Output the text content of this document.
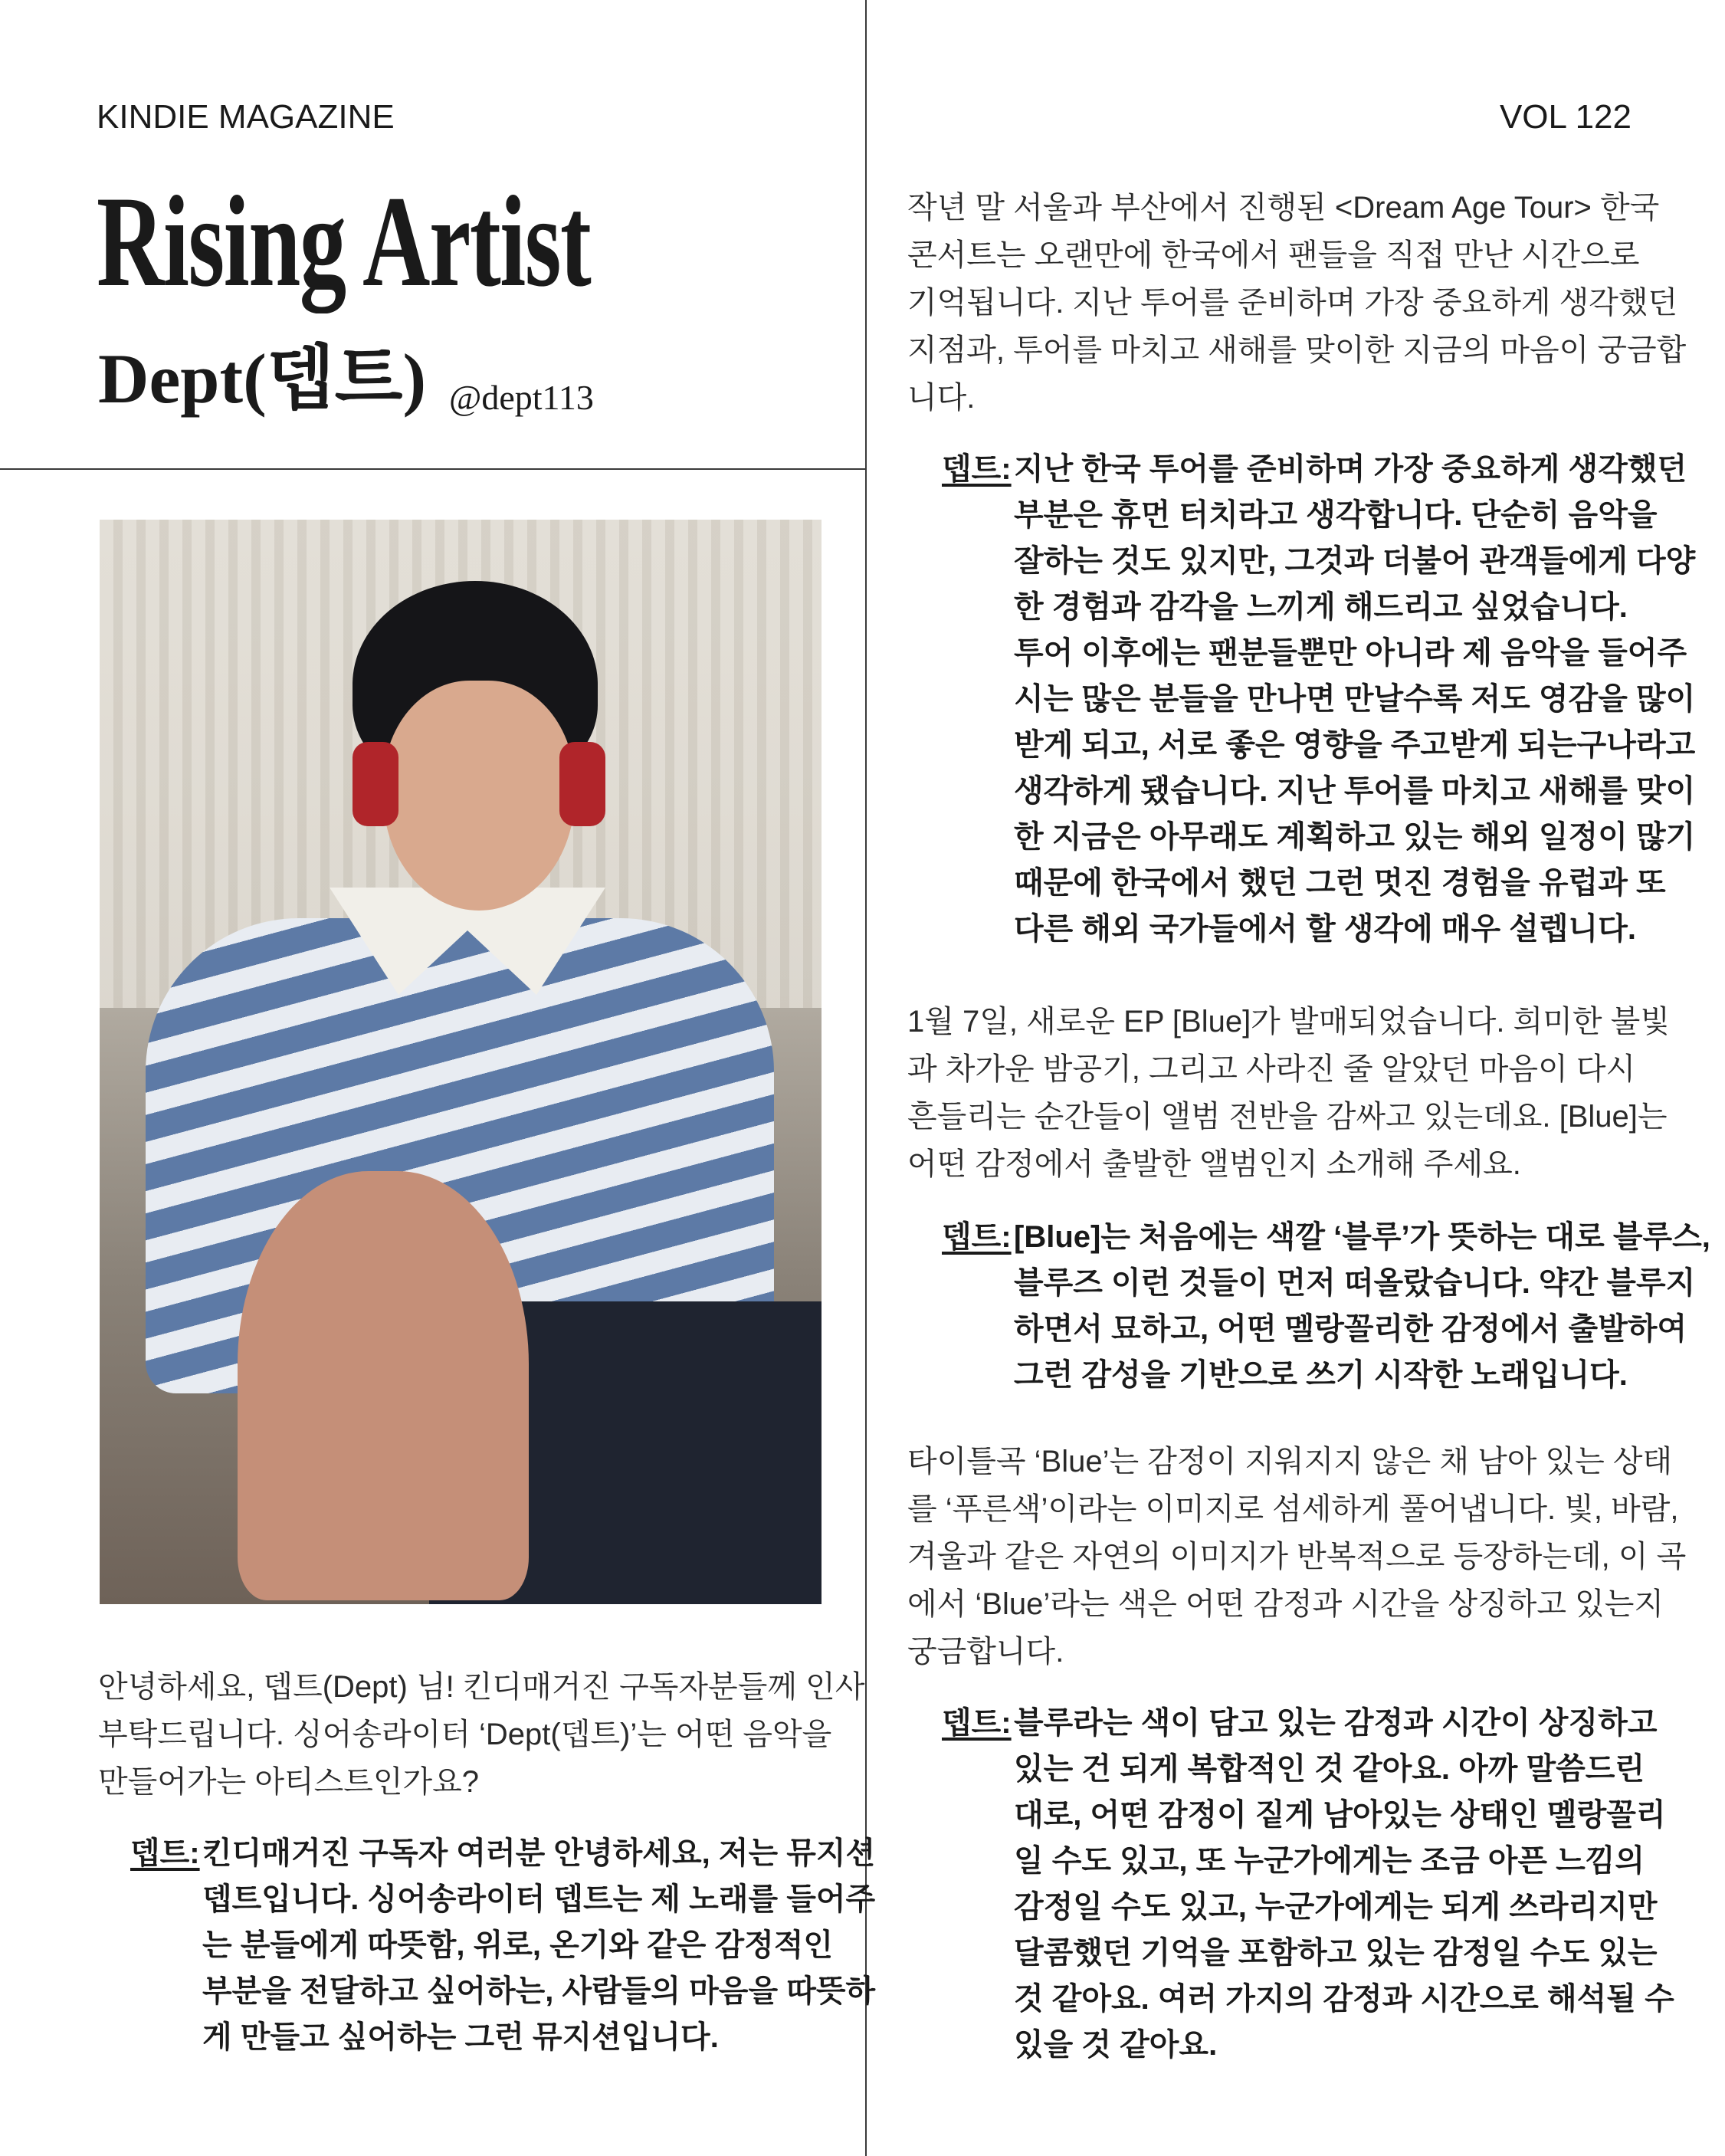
KINDIE MAGAZINE	VOL 122
Rising Artist
Dept(뎁트) @dept113
안녕하세요, 뎁트(Dept) 님! 킨디매거진 구독자분들께 인사
부탁드립니다. 싱어송라이터 ‘Dept(뎁트)’는 어떤 음악을
만들어가는 아티스트인가요?
뎁트: 킨디매거진 구독자 여러분 안녕하세요, 저는 뮤지션
뎁트입니다. 싱어송라이터 뎁트는 제 노래를 들어주
는 분들에게 따뜻함, 위로, 온기와 같은 감정적인
부분을 전달하고 싶어하는, 사람들의 마음을 따뜻하
게 만들고 싶어하는 그런 뮤지션입니다.
작년 말 서울과 부산에서 진행된 <Dream Age Tour> 한국
콘서트는 오랜만에 한국에서 팬들을 직접 만난 시간으로
기억됩니다. 지난 투어를 준비하며 가장 중요하게 생각했던
지점과, 투어를 마치고 새해를 맞이한 지금의 마음이 궁금합
니다.
뎁트: 지난 한국 투어를 준비하며 가장 중요하게 생각했던
부분은 휴먼 터치라고 생각합니다. 단순히 음악을
잘하는 것도 있지만, 그것과 더불어 관객들에게 다양
한 경험과 감각을 느끼게 해드리고 싶었습니다.
투어 이후에는 팬분들뿐만 아니라 제 음악을 들어주
시는 많은 분들을 만나면 만날수록 저도 영감을 많이
받게 되고, 서로 좋은 영향을 주고받게 되는구나라고
생각하게 됐습니다. 지난 투어를 마치고 새해를 맞이
한 지금은 아무래도 계획하고 있는 해외 일정이 많기
때문에 한국에서 했던 그런 멋진 경험을 유럽과 또
다른 해외 국가들에서 할 생각에 매우 설렙니다.
1월 7일, 새로운 EP [Blue]가 발매되었습니다. 희미한 불빛
과 차가운 밤공기, 그리고 사라진 줄 알았던 마음이 다시
흔들리는 순간들이 앨범 전반을 감싸고 있는데요. [Blue]는
어떤 감정에서 출발한 앨범인지 소개해 주세요.
뎁트: [Blue]는 처음에는 색깔 ‘블루’가 뜻하는 대로 블루스,
블루즈 이런 것들이 먼저 떠올랐습니다. 약간 블루지
하면서 묘하고, 어떤 멜랑꼴리한 감정에서 출발하여
그런 감성을 기반으로 쓰기 시작한 노래입니다.
타이틀곡 ‘Blue’는 감정이 지워지지 않은 채 남아 있는 상태
를 ‘푸른색’이라는 이미지로 섬세하게 풀어냅니다. 빛, 바람,
겨울과 같은 자연의 이미지가 반복적으로 등장하는데, 이 곡
에서 ‘Blue’라는 색은 어떤 감정과 시간을 상징하고 있는지
궁금합니다.
뎁트: 블루라는 색이 담고 있는 감정과 시간이 상징하고
있는 건 되게 복합적인 것 같아요. 아까 말씀드린
대로, 어떤 감정이 짙게 남아있는 상태인 멜랑꼴리
일 수도 있고, 또 누군가에게는 조금 아픈 느낌의
감정일 수도 있고, 누군가에게는 되게 쓰라리지만
달콤했던 기억을 포함하고 있는 감정일 수도 있는
것 같아요. 여러 가지의 감정과 시간으로 해석될 수
있을 것 같아요.
